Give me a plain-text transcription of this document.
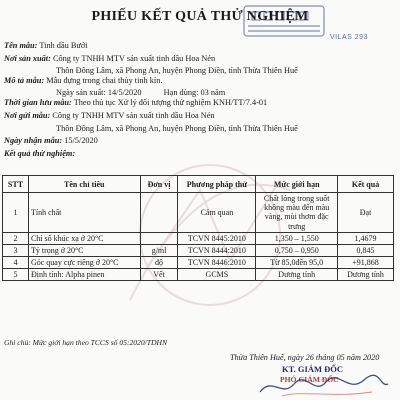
VILAS 293
PHIẾU KẾT QUẢ THỬ NGHIỆM
Tên mẫu: Tinh dầu Bưởi
Nơi sản xuất: Công ty TNHH MTV sản xuất tinh dầu Hoa Nén
Thôn Đông Lâm, xã Phong An, huyện Phong Điền, tỉnh Thừa Thiên Huế
Mô tả mẫu: Mẫu đựng trong chai thủy tinh kín.
Ngày sản xuất: 14/5/2020	Hạn dùng: 03 năm
Thời gian lưu mẫu: Theo thủ tục Xử lý đối tượng thử nghiệm KNH/TT/7.4-01
Nơi gửi mẫu: Công ty TNHH MTV sản xuất tinh dầu Hoa Nén
Thôn Đông Lâm, xã Phong An, huyện Phong Điền, tỉnh Thừa Thiên Huế
Ngày nhận mẫu: 15/5/2020
Kết quả thử nghiệm:
STT	Tên chỉ tiêu	Đơn vị	Phương pháp thử	Mức giới hạn	Kết quả
1	Tính chất		Cảm quan	Chất lỏng trong suốt không màu đến màu vàng, mùi thơm đặc trưng	Đạt
2	Chỉ số khúc xạ ở 20°C		TCVN 8445:2010	1,350 – 1,550	1,4679
3	Tỷ trọng ở 20°C	g/ml	TCVN 8444:2010	0,750 – 0,950	0,845
4	Góc quay cực riêng ở 20°C	độ	TCVN 8446:2010	Từ 85,0đến 95,0	+91,868
5	Định tính: Alpha pinen	Vết	GCMS	Dương tính	Dương tính
Ghi chú: Mức giới hạn theo TCCS số 05:2020/TDHN
Thừa Thiên Huế, ngày 26 tháng 05 năm 2020
KT. GIÁM ĐỐC
PHÓ GIÁM ĐỐC
